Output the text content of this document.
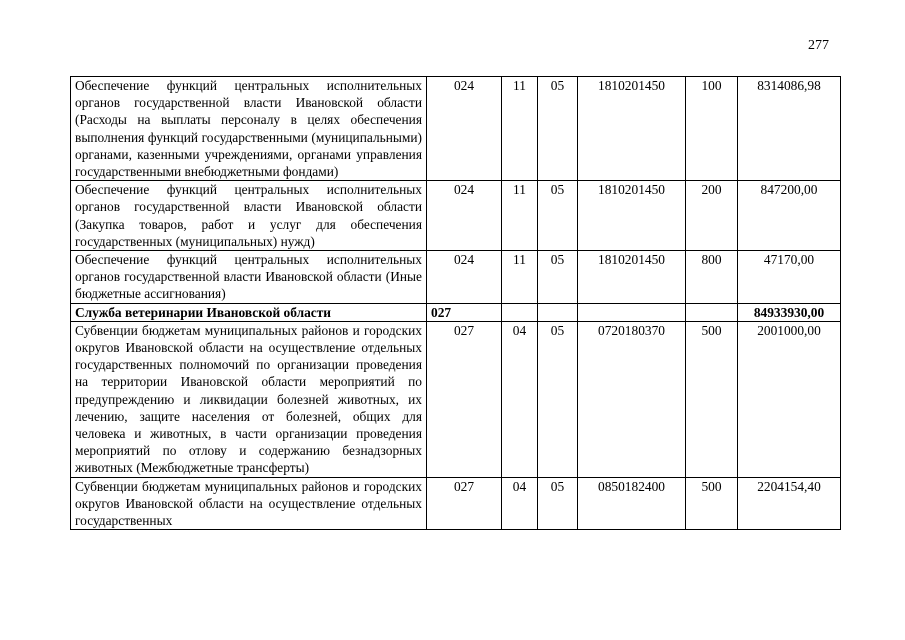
277
Обеспечение функций центральных исполнительных органов государственной власти Ивановской области (Расходы на выплаты персоналу в целях обеспечения выполнения функций государственными (муниципальными) органами, казенными учреждениями, органами управления государственными внебюджетными фондами)	024	11	05	1810201450	100	8314086,98
Обеспечение функций центральных исполнительных органов государственной власти Ивановской области (Закупка товаров, работ и услуг для обеспечения государственных (муниципальных) нужд)	024	11	05	1810201450	200	847200,00
Обеспечение функций центральных исполнительных органов государственной власти Ивановской области (Иные бюджетные ассигнования)	024	11	05	1810201450	800	47170,00
Служба ветеринарии Ивановской области	027					84933930,00
Субвенции бюджетам муниципальных районов и городских округов Ивановской области на осуществление отдельных государственных полномочий по организации проведения на территории Ивановской области мероприятий по предупреждению и ликвидации болезней животных, их лечению, защите населения от болезней, общих для человека и животных, в части организации проведения мероприятий по отлову и содержанию безнадзорных животных (Межбюджетные трансферты)	027	04	05	0720180370	500	2001000,00

Субвенции бюджетам муниципальных районов и городских округов Ивановской области на осуществление отдельных государственных	027	04	05	0850182400	500	2204154,40
